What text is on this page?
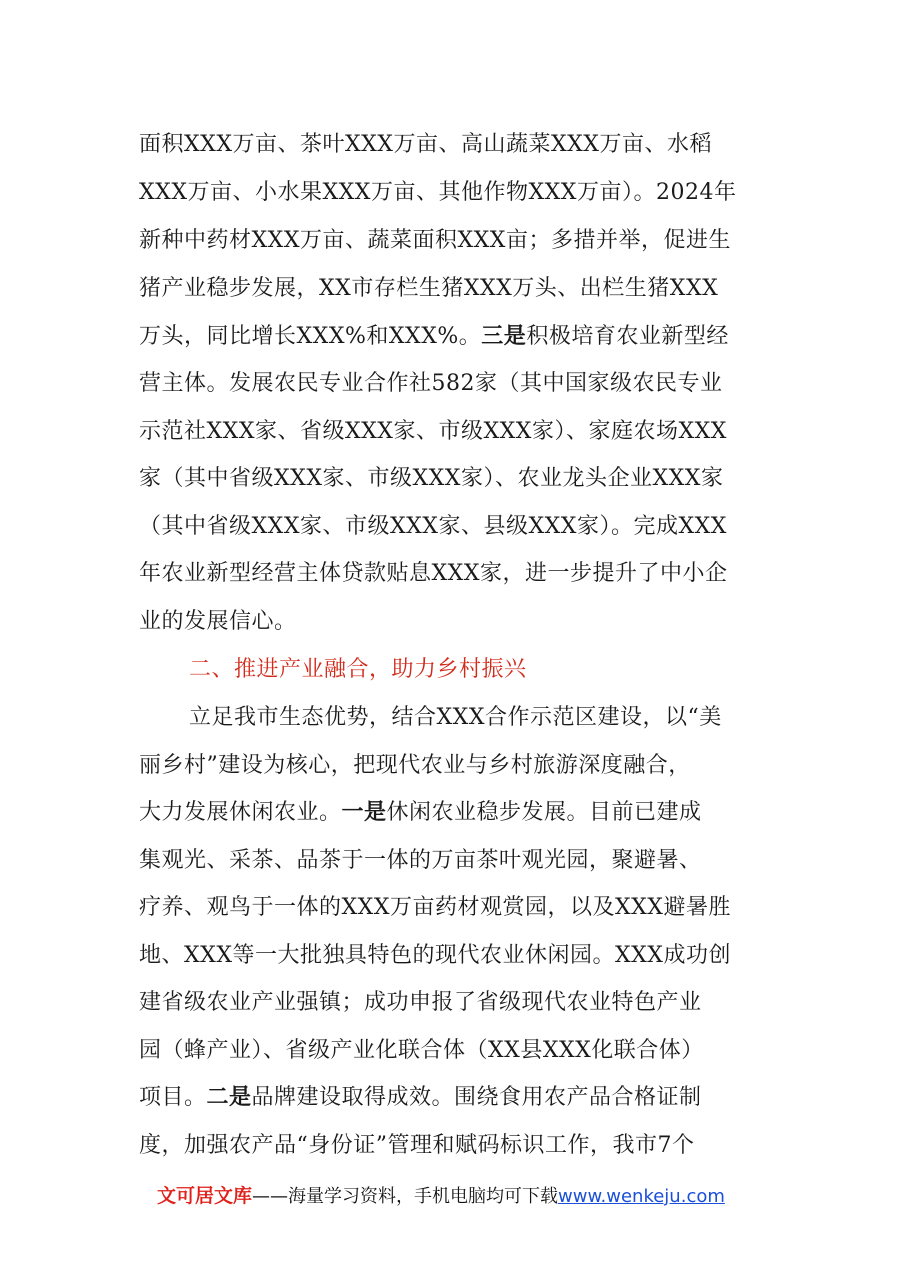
面积XXX万亩、茶叶XXX万亩、高山蔬菜XXX万亩、水稻
XXX万亩、小水果XXX万亩、其他作物XXX万亩）。2024年
新种中药材XXX万亩、蔬菜面积XXX亩；多措并举，促进生
猪产业稳步发展，XX市存栏生猪XXX万头、出栏生猪XXX
万头，同比增长XXX%和XXX%。三是积极培育农业新型经
营主体。发展农民专业合作社582家（其中国家级农民专业
示范社XXX家、省级XXX家、市级XXX家）、家庭农场XXX
家（其中省级XXX家、市级XXX家）、农业龙头企业XXX家
（其中省级XXX家、市级XXX家、县级XXX家）。完成XXX
年农业新型经营主体贷款贴息XXX家，进一步提升了中小企
业的发展信心。
二、推进产业融合，助力乡村振兴
立足我市生态优势，结合XXX合作示范区建设，以“美
丽乡村”建设为核心，把现代农业与乡村旅游深度融合，
大力发展休闲农业。一是休闲农业稳步发展。目前已建成
集观光、采茶、品茶于一体的万亩茶叶观光园，聚避暑、
疗养、观鸟于一体的XXX万亩药材观赏园，以及XXX避暑胜
地、XXX等一大批独具特色的现代农业休闲园。XXX成功创
建省级农业产业强镇；成功申报了省级现代农业特色产业
园（蜂产业）、省级产业化联合体（XX县XXX化联合体）
项目。二是品牌建设取得成效。围绕食用农产品合格证制
度，加强农产品“身份证”管理和赋码标识工作，我市7个
文可居文库——海量学习资料，手机电脑均可下载www.wenkeju.com
